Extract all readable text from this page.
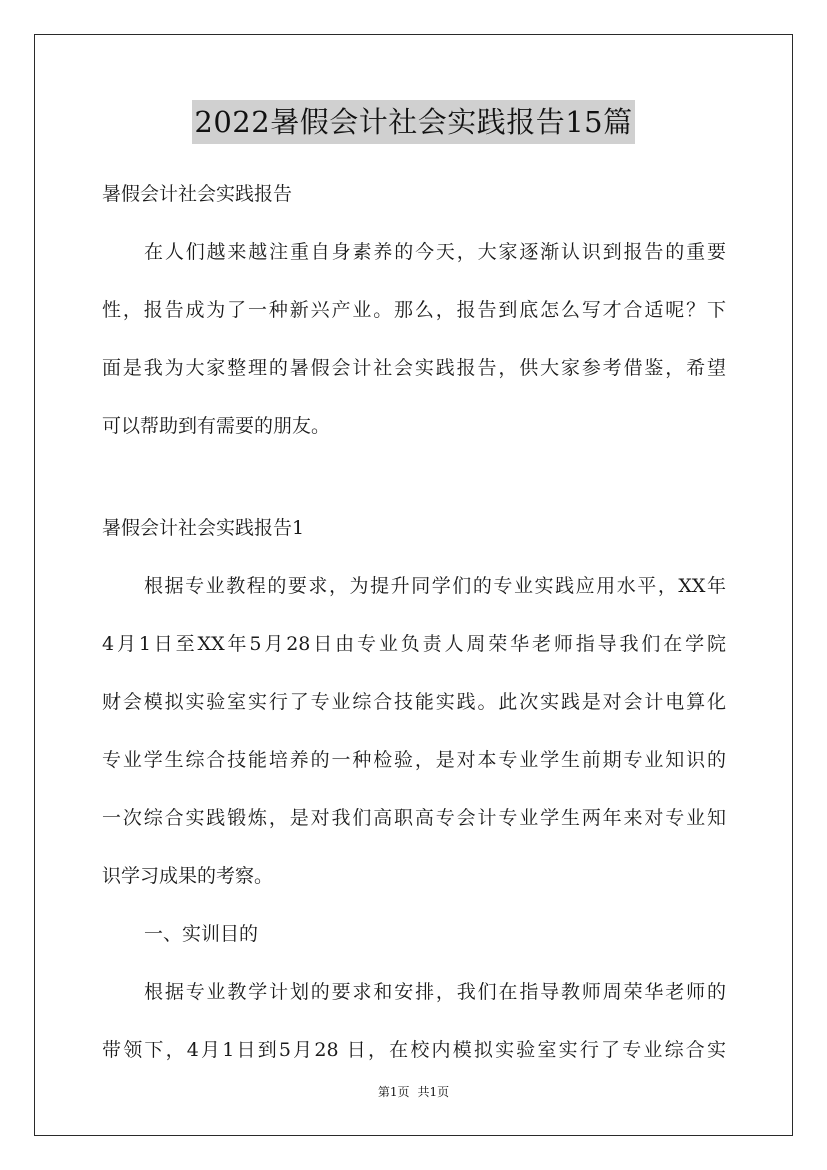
2022暑假会计社会实践报告15篇
暑假会计社会实践报告
在人们越来越注重自身素养的今天，大家逐渐认识到报告的重要
性，报告成为了一种新兴产业。那么，报告到底怎么写才合适呢？下
面是我为大家整理的暑假会计社会实践报告，供大家参考借鉴，希望
可以帮助到有需要的朋友。
暑假会计社会实践报告1
根据专业教程的要求，为提升同学们的专业实践应用水平，XX年
4月1日至XX年5月28日由专业负责人周荣华老师指导我们在学院
财会模拟实验室实行了专业综合技能实践。此次实践是对会计电算化
专业学生综合技能培养的一种检验，是对本专业学生前期专业知识的
一次综合实践锻炼，是对我们高职高专会计专业学生两年来对专业知
识学习成果的考察。
一、实训目的
根据专业教学计划的要求和安排，我们在指导教师周荣华老师的
带领下，4月1日到5月28 日，在校内模拟实验室实行了专业综合实
第1页 共1页
